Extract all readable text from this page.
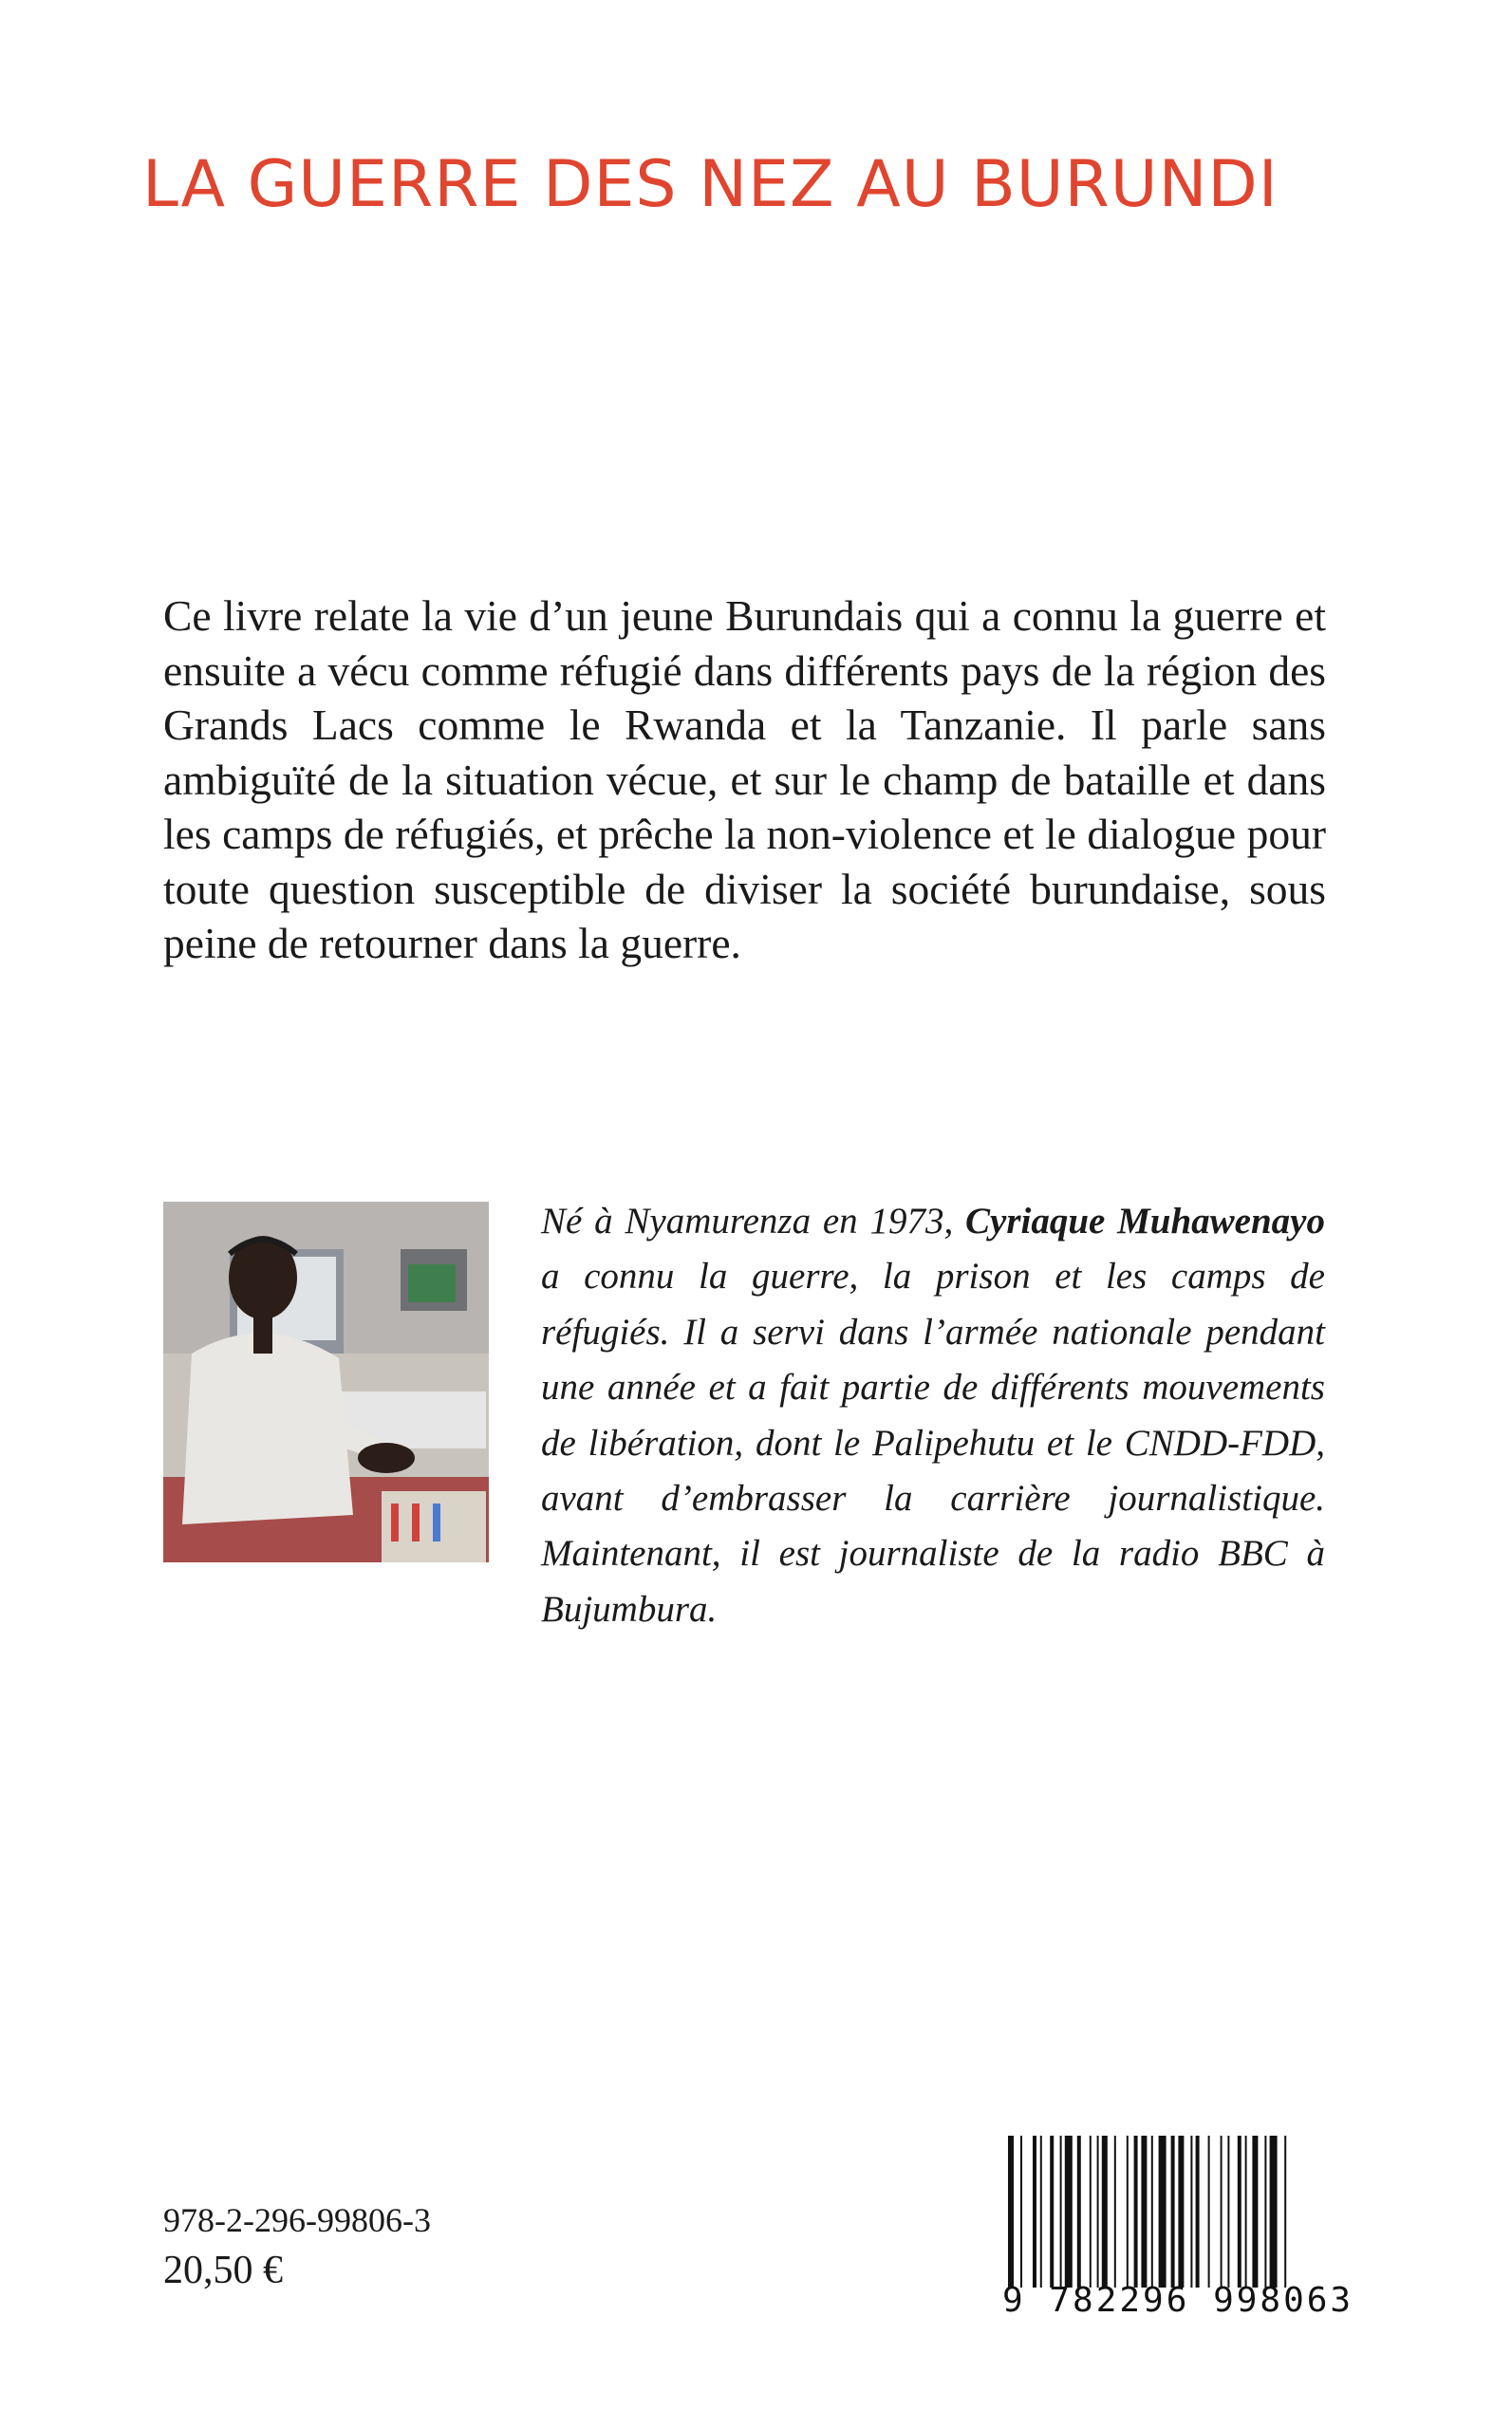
LA GUERRE DES NEZ AU BURUNDI

Ce livre relate la vie d’un jeune Burundais qui a connu la guerre et ensuite a vécu comme réfugié dans différents pays de la région des Grands Lacs comme le Rwanda et la Tanzanie. Il parle sans ambiguïté de la situation vécue, et sur le champ de bataille et dans les camps de réfugiés, et prêche la non-violence et le dialogue pour toute question susceptible de diviser la société burundaise, sous peine de retourner dans la guerre.

Né à Nyamurenza en 1973, Cyriaque Muhawenayo a connu la guerre, la prison et les camps de réfugiés. Il a servi dans l’armée nationale pendant une année et a fait partie de différents mouvements de libération, dont le Palipehutu et le CNDD-FDD, avant d’embrasser la carrière journalistique. Maintenant, il est journaliste de la radio BBC à Bujumbura.

978-2-296-99806-3
20,50 €
9 782296 998063
